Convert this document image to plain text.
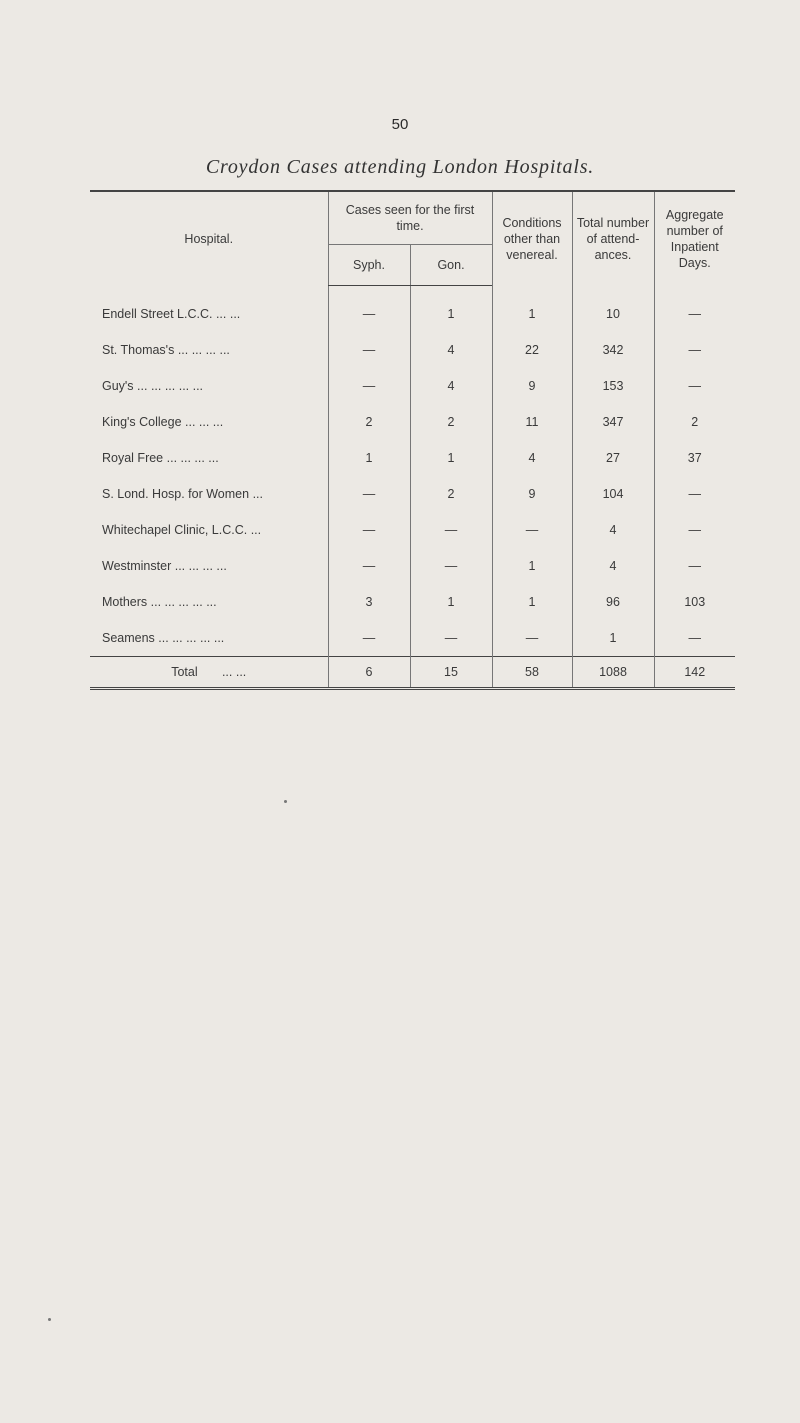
50
Croydon Cases attending London Hospitals.
Hospital.	Cases seen for the first time.		Conditions other than venereal.	Total number of attend- ances.	Aggregate number of Inpatient Days.
	Syph.	Gon.			
Endell Street L.C.C. ... ...	—	1	1	10	—
St. Thomas's ... ... ... ...	—	4	22	342	—
Guy's ... ... ... ... ...	—	4	9	153	—
King's College ... ... ...	2	2	11	347	2
Royal Free ... ... ... ...	1	1	4	27	37
S. Lond. Hosp. for Women ...	—	2	9	104	—
Whitechapel Clinic, L.C.C. ...	—	—	—	4	—
Westminster ... ... ... ...	—	—	1	4	—
Mothers ... ... ... ... ...	3	1	1	96	103
Seamens ... ... ... ... ...	—	—	—	1	—
Total ... ...	6	15	58	1088	142
